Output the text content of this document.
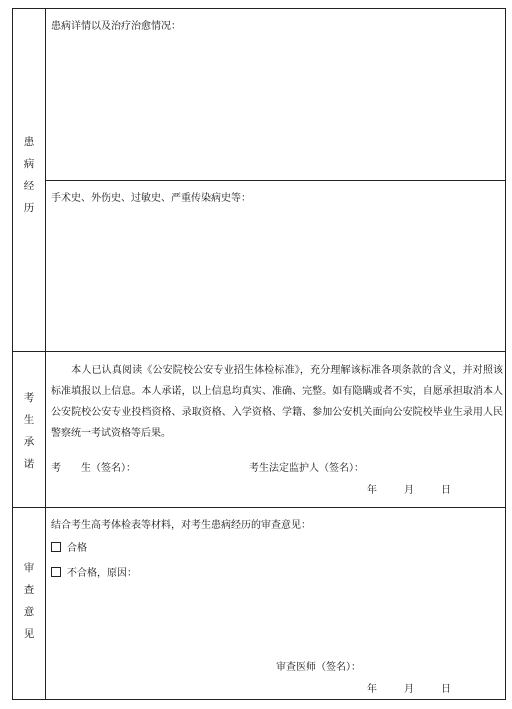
患
病
经
历
患病详情以及治疗治愈情况：
手术史、外伤史、过敏史、严重传染病史等：
考
生
承
诺
本人已认真阅读《公安院校公安专业招生体检标准》，充分理解该标准各项条款的含义，并对照该标准填报以上信息。本人承诺，以上信息均真实、准确、完整。如有隐瞒或者不实，自愿承担取消本人公安院校公安专业投档资格、录取资格、入学资格、学籍、参加公安机关面向公安院校毕业生录用人民警察统一考试资格等后果。
考　　生（签名）：	考生法定监护人（签名）：
年	月	日
审
查
意
见
结合考生高考体检表等材料，对考生患病经历的审查意见：
合格
不合格，原因：
审查医师（签名）：
年	月	日
